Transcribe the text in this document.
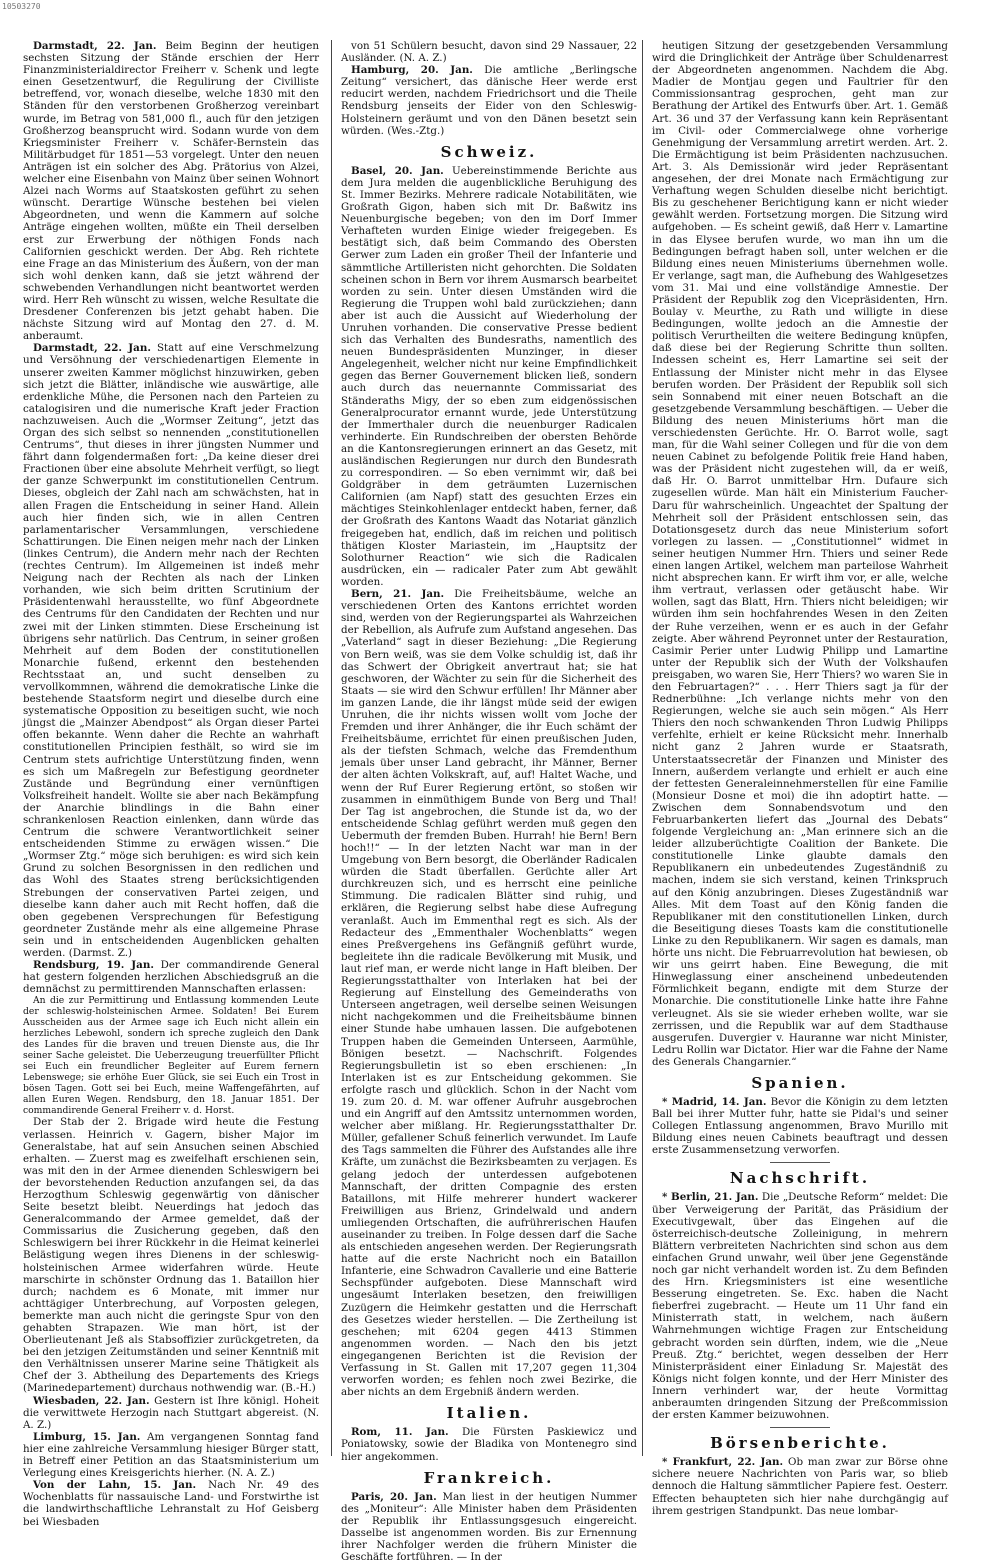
10503270

Darmstadt, 22. Jan. Beim Beginn der heutigen sechsten Sitzung der Stände erschien der Herr Finanzministerialdirector Freiherr v. Schenk und legte einen Gesetzentwurf, die Regulirung der Civilliste betreffend, vor, wonach dieselbe, welche 1830 mit den Ständen für den verstorbenen Großherzog vereinbart wurde, im Betrag von 581,000 fl., auch für den jetzigen Großherzog beansprucht wird. Sodann wurde von dem Kriegsminister Freiherr v. Schäfer-Bernstein das Militärbudget für 1851—53 vorgelegt. Unter den neuen Anträgen ist ein solcher des Abg. Prätorius von Alzei, welcher eine Eisenbahn von Mainz über seinen Wohnort Alzei nach Worms auf Staatskosten geführt zu sehen wünscht. Derartige Wünsche bestehen bei vielen Abgeordneten, und wenn die Kammern auf solche Anträge eingehen wollten, müßte ein Theil derselben erst zur Erwerbung der nöthigen Fonds nach Californien geschickt werden. Der Abg. Reh richtete eine Frage an das Ministerium des Äußern, von der man sich wohl denken kann, daß sie jetzt während der schwebenden Verhandlungen nicht beantwortet werden wird. Herr Reh wünscht zu wissen, welche Resultate die Dresdener Conferenzen bis jetzt gehabt haben. Die nächste Sitzung wird auf Montag den 27. d. M. anberaumt.

Darmstadt, 22. Jan. Statt auf eine Verschmelzung und Versöhnung der verschiedenartigen Elemente in unserer zweiten Kammer möglichst hinzuwirken, geben sich jetzt die Blätter, inländische wie auswärtige, alle erdenkliche Mühe, die Personen nach den Parteien zu catalogisiren und die numerische Kraft jeder Fraction nachzuweisen. Auch die „Wormser Zeitung“, jetzt das Organ des sich selbst so nennenden „constitutionellen Centrums“, thut dieses in ihrer jüngsten Nummer und fährt dann folgendermaßen fort: „Da keine dieser drei Fractionen über eine absolute Mehrheit verfügt, so liegt der ganze Schwerpunkt im constitutionellen Centrum. Dieses, obgleich der Zahl nach am schwächsten, hat in allen Fragen die Entscheidung in seiner Hand. Allein auch hier finden sich, wie in allen Centren parlamentarischer Versammlungen, verschiedene Schattirungen. Die Einen neigen mehr nach der Linken (linkes Centrum), die Andern mehr nach der Rechten (rechtes Centrum). Im Allgemeinen ist indeß mehr Neigung nach der Rechten als nach der Linken vorhanden, wie sich beim dritten Scrutinium der Präsidentenwahl herausstellte, wo fünf Abgeordnete des Centrums für den Candidaten der Rechten und nur zwei mit der Linken stimmten. Diese Erscheinung ist übrigens sehr natürlich. Das Centrum, in seiner großen Mehrheit auf dem Boden der constitutionellen Monarchie fußend, erkennt den bestehenden Rechtsstaat an, und sucht denselben zu vervollkommnen, während die demokratische Linke die bestehende Staatsform negirt und dieselbe durch eine systematische Opposition zu beseitigen sucht, wie noch jüngst die „Mainzer Abendpost“ als Organ dieser Partei offen bekannte. Wenn daher die Rechte an wahrhaft constitutionellen Principien festhält, so wird sie im Centrum stets aufrichtige Unterstützung finden, wenn es sich um Maßregeln zur Befestigung geordneter Zustände und Begründung einer vernünftigen Volksfreiheit handelt. Wollte sie aber nach Bekämpfung der Anarchie blindlings in die Bahn einer schrankenlosen Reaction einlenken, dann würde das Centrum die schwere Verantwortlichkeit seiner entscheidenden Stimme zu erwägen wissen.“ Die „Wormser Ztg.“ möge sich beruhigen: es wird sich kein Grund zu solchen Besorgnissen in den redlichen und das Wohl des Staates streng berücksichtigenden Strebungen der conservativen Partei zeigen, und dieselbe kann daher auch mit Recht hoffen, daß die oben gegebenen Versprechungen für Befestigung geordneter Zustände mehr als eine allgemeine Phrase sein und in entscheidenden Augenblicken gehalten werden. (Darmst. Z.)

Rendsburg, 19. Jan. Der commandirende General hat gestern folgenden herzlichen Abschiedsgruß an die demnächst zu permittirenden Mannschaften erlassen:

An die zur Permittirung und Entlassung kommenden Leute der schleswig-holsteinischen Armee. Soldaten! Bei Eurem Ausscheiden aus der Armee sage ich Euch nicht allein ein herzliches Lebewohl, sondern ich spreche zugleich den Dank des Landes für die braven und treuen Dienste aus, die Ihr seiner Sache geleistet. Die Ueberzeugung treuerfüllter Pflicht sei Euch ein freundlicher Begleiter auf Eurem fernern Lebenswege; sie erhöhe Euer Glück, sie sei Euch ein Trost in bösen Tagen. Gott sei bei Euch, meine Waffengefährten, auf allen Euren Wegen. Rendsburg, den 18. Januar 1851. Der commandirende General Freiherr v. d. Horst.

Der Stab der 2. Brigade wird heute die Festung verlassen. Heinrich v. Gagern, bisher Major im Generalstabe, hat auf sein Ansuchen seinen Abschied erhalten. — Zuerst mag es zweifelhaft erschienen sein, was mit den in der Armee dienenden Schleswigern bei der bevorstehenden Reduction anzufangen sei, da das Herzogthum Schleswig gegenwärtig von dänischer Seite besetzt bleibt. Neuerdings hat jedoch das Generalcommando der Armee gemeldet, daß der Commissarius die Zusicherung gegeben, daß den Schleswigern bei ihrer Rückkehr in die Heimat keinerlei Belästigung wegen ihres Dienens in der schleswig-holsteinischen Armee widerfahren würde. Heute marschirte in schönster Ordnung das 1. Bataillon hier durch; nachdem es 6 Monate, mit immer nur achttägiger Unterbrechung, auf Vorposten gelegen, bemerkte man auch nicht die geringste Spur von den gehabten Strapazen. Wie man hört, ist der Oberlieutenant Jeß als Stabsoffizier zurückgetreten, da bei den jetzigen Zeitumständen und seiner Kenntniß mit den Verhältnissen unserer Marine seine Thätigkeit als Chef der 3. Abtheilung des Departements des Kriegs (Marinedepartement) durchaus nothwendig war. (B.-H.)

Wiesbaden, 22. Jan. Gestern ist Ihre königl. Hoheit die verwittwete Herzogin nach Stuttgart abgereist. (N. A. Z.)

Limburg, 15. Jan. Am vergangenen Sonntag fand hier eine zahlreiche Versammlung hiesiger Bürger statt, in Betreff einer Petition an das Staatsministerium um Verlegung eines Kreisgerichts hierher. (N. A. Z.)

Von der Lahn, 15. Jan. Nach Nr. 49 des Wochenblatts für nassauische Land- und Forstwirthe ist die landwirthschaftliche Lehranstalt zu Hof Geisberg bei Wiesbaden

von 51 Schülern besucht, davon sind 29 Nassauer, 22 Ausländer. (N. A. Z.)

Hamburg, 20. Jan. Die amtliche „Berlingsche Zeitung“ versichert, das dänische Heer werde erst reducirt werden, nachdem Friedrichsort und die Theile Rendsburg jenseits der Eider von den Schleswig-Holsteinern geräumt und von den Dänen besetzt sein würden. (Wes.-Ztg.)

Schweiz.

Basel, 20. Jan. Uebereinstimmende Berichte aus dem Jura melden die augenblickliche Beruhigung des St. Immer Bezirks. Mehrere radicale Notabilitäten, wie Großrath Gigon, haben sich mit Dr. Baßwitz ins Neuenburgische begeben; von den im Dorf Immer Verhafteten wurden Einige wieder freigegeben. Es bestätigt sich, daß beim Commando des Obersten Gerwer zum Laden ein großer Theil der Infanterie und sämmtliche Artilleristen nicht gehorchten. Die Soldaten scheinen schon in Bern vor ihrem Ausmarsch bearbeitet worden zu sein. Unter diesen Umständen wird die Regierung die Truppen wohl bald zurückziehen; dann aber ist auch die Aussicht auf Wiederholung der Unruhen vorhanden. Die conservative Presse bedient sich das Verhalten des Bundesraths, namentlich des neuen Bundespräsidenten Munzinger, in dieser Angelegenheit, welcher nicht nur keine Empfindlichkeit gegen das Berner Gouvernement blicken ließ, sondern auch durch das neuernannte Commissariat des Ständeraths Migy, der so eben zum eidgenössischen Generalprocurator ernannt wurde, jede Unterstützung der Immerthaler durch die neuenburger Radicalen verhinderte. Ein Rundschreiben der obersten Behörde an die Kantonsregierungen erinnert an das Gesetz, mit ausländischen Regierungen nur durch den Bundesrath zu correspondiren. — So eben vernimmt wir, daß bei Goldgräber in dem geträumten Luzernischen Californien (am Napf) statt des gesuchten Erzes ein mächtiges Steinkohlenlager entdeckt haben, ferner, daß der Großrath des Kantons Waadt das Notariat gänzlich freigegeben hat, endlich, daß im reichen und politisch thätigen Kloster Mariastein, im „Hauptsitz der Solothurner Reaction“ wie sich die Radicalen ausdrücken, ein — radicaler Pater zum Abt gewählt worden.

Bern, 21. Jan. Die Freiheitsbäume, welche an verschiedenen Orten des Kantons errichtet worden sind, werden von der Regierungspartei als Wahrzeichen der Rebellion, als Aufrufe zum Aufstand angesehen. Das „Vaterland“ sagt in dieser Beziehung: „Die Regierung von Bern weiß, was sie dem Volke schuldig ist, daß ihr das Schwert der Obrigkeit anvertraut hat; sie hat geschworen, der Wächter zu sein für die Sicherheit des Staats — sie wird den Schwur erfüllen! Ihr Männer aber im ganzen Lande, die ihr längst müde seid der ewigen Unruhen, die ihr nichts wissen wollt vom Joche der Fremden und ihrer Anhänger, die ihr Euch schämt der Freiheitsbäume, errichtet für einen preußischen Juden, als der tiefsten Schmach, welche das Fremdenthum jemals über unser Land gebracht, ihr Männer, Berner der alten ächten Volkskraft, auf, auf! Haltet Wache, und wenn der Ruf Eurer Regierung ertönt, so stoßen wir zusammen in einmüthigem Bunde von Berg und Thal! Der Tag ist angebrochen, die Stunde ist da, wo der entscheidende Schlag geführt werden muß gegen den Uebermuth der fremden Buben. Hurrah! hie Bern! Bern hoch!!“ — In der letzten Nacht war man in der Umgebung von Bern besorgt, die Oberländer Radicalen würden die Stadt überfallen. Gerüchte aller Art durchkreuzen sich, und es herrscht eine peinliche Stimmung. Die radicalen Blätter sind ruhig, und erklären, die Regierung selbst habe diese Aufregung veranlaßt. Auch im Emmenthal regt es sich. Als der Redacteur des „Emmenthaler Wochenblatts“ wegen eines Preßvergehens ins Gefängniß geführt wurde, begleitete ihn die radicale Bevölkerung mit Musik, und laut rief man, er werde nicht lange in Haft bleiben. Der Regierungsstatthalter von Interlaken hat bei der Regierung auf Einstellung des Gemeinderaths von Unterseen angetragen, weil derselbe seinen Weisungen nicht nachgekommen und die Freiheitsbäume binnen einer Stunde habe umhauen lassen. Die aufgebotenen Truppen haben die Gemeinden Unterseen, Aarmühle, Bönigen besetzt. — Nachschrift. Folgendes Regierungsbulletin ist so eben erschienen: „In Interlaken ist es zur Entscheidung gekommen. Sie erfolgte rasch und glücklich. Schon in der Nacht vom 19. zum 20. d. M. war offener Aufruhr ausgebrochen und ein Angriff auf den Amtssitz unternommen worden, welcher aber mißlang. Hr. Regierungsstatthalter Dr. Müller, gefallener Schuß feinerlich verwundet. Im Laufe des Tags sammelten die Führer des Aufstandes alle ihre Kräfte, um zunächst die Bezirksbeamten zu verjagen. Es gelang jedoch der unterdessen aufgebotenen Mannschaft, der dritten Compagnie des ersten Bataillons, mit Hilfe mehrerer hundert wackerer Freiwilligen aus Brienz, Grindelwald und andern umliegenden Ortschaften, die aufrührerischen Haufen auseinander zu treiben. In Folge dessen darf die Sache als entschieden angesehen werden. Der Regierungsrath hatte auf die erste Nachricht noch ein Bataillon Infanterie, eine Schwadron Cavallerie und eine Batterie Sechspfünder aufgeboten. Diese Mannschaft wird ungesäumt Interlaken besetzen, den freiwilligen Zuzügern die Heimkehr gestatten und die Herrschaft des Gesetzes wieder herstellen. — Die Zertheilung ist geschehen; mit 6204 gegen 4413 Stimmen angenommen worden. — Nach den bis jetzt eingegangenen Berichten ist die Revision der Verfassung in St. Gallen mit 17,207 gegen 11,304 verworfen worden; es fehlen noch zwei Bezirke, die aber nichts an dem Ergebniß ändern werden.

Italien.

Rom, 11. Jan. Die Fürsten Paskiewicz und Poniatowsky, sowie der Bladika von Montenegro sind hier angekommen.

Frankreich.

Paris, 20. Jan. Man liest in der heutigen Nummer des „Moniteur“: Alle Minister haben dem Präsidenten der Republik ihr Entlassungsgesuch eingereicht. Dasselbe ist angenommen worden. Bis zur Ernennung ihrer Nachfolger werden die frühern Minister die Geschäfte fortführen. — In der

heutigen Sitzung der gesetzgebenden Versammlung wird die Dringlichkeit der Anträge über Schuldenarrest der Abgeordneten angenommen. Nachdem die Abg. Madier de Montjau gegen und Faultrier für den Commissionsantrag gesprochen, geht man zur Berathung der Artikel des Entwurfs über. Art. 1. Gemäß Art. 36 und 37 der Verfassung kann kein Repräsentant im Civil- oder Commercialwege ohne vorherige Genehmigung der Versammlung arretirt werden. Art. 2. Die Ermächtigung ist beim Präsidenten nachzusuchen. Art. 3. Als Demissionär wird jeder Repräsentant angesehen, der drei Monate nach Ermächtigung zur Verhaftung wegen Schulden dieselbe nicht berichtigt. Bis zu geschehener Berichtigung kann er nicht wieder gewählt werden. Fortsetzung morgen. Die Sitzung wird aufgehoben. — Es scheint gewiß, daß Herr v. Lamartine in das Elysee berufen wurde, wo man ihn um die Bedingungen befragt haben soll, unter welchen er die Bildung eines neuen Ministeriums übernehmen wolle. Er verlange, sagt man, die Aufhebung des Wahlgesetzes vom 31. Mai und eine vollständige Amnestie. Der Präsident der Republik zog den Vicepräsidenten, Hrn. Boulay v. Meurthe, zu Rath und willigte in diese Bedingungen, wollte jedoch an die Amnestie der politisch Verurtheilten die weitere Bedingung knüpfen, daß diese bei der Regierung Schritte thun sollten. Indessen scheint es, Herr Lamartine sei seit der Entlassung der Minister nicht mehr in das Elysee berufen worden. Der Präsident der Republik soll sich sein Sonnabend mit einer neuen Botschaft an die gesetzgebende Versammlung beschäftigen. — Ueber die Bildung des neuen Ministeriums hört man die verschiedensten Gerüchte. Hr. O. Barrot wolle, sagt man, für die Wahl seiner Collegen und für die von dem neuen Cabinet zu befolgende Politik freie Hand haben, was der Präsident nicht zugestehen will, da er weiß, daß Hr. O. Barrot unmittelbar Hrn. Dufaure sich zugesellen würde. Man hält ein Ministerium Faucher-Daru für wahrscheinlich. Ungeachtet der Spaltung der Mehrheit soll der Präsident entschlossen sein, das Dotationsgesetz durch das neue Ministerium sofort vorlegen zu lassen. — „Constitutionnel“ widmet in seiner heutigen Nummer Hrn. Thiers und seiner Rede einen langen Artikel, welchem man parteilose Wahrheit nicht absprechen kann. Er wirft ihm vor, er alle, welche ihm vertraut, verlassen oder getäuscht habe. Wir wollen, sagt das Blatt, Hrn. Thiers nicht beleidigen; wir würden ihm sein hochfahrendes Wesen in den Zeiten der Ruhe verzeihen, wenn er es auch in der Gefahr zeigte. Aber während Peyronnet unter der Restauration, Casimir Perier unter Ludwig Philipp und Lamartine unter der Republik sich der Wuth der Volkshaufen preisgaben, wo waren Sie, Herr Thiers? wo waren Sie in den Februartagen?“ . . . Herr Thiers sagt ja für der Rednerbühne: „Ich verlange nichts mehr von den Regierungen, welche sie auch sein mögen.“ Als Herr Thiers den noch schwankenden Thron Ludwig Philipps verfehlte, erhielt er keine Rücksicht mehr. Innerhalb nicht ganz 2 Jahren wurde er Staatsrath, Unterstaatssecretär der Finanzen und Minister des Innern, außerdem verlangte und erhielt er auch eine der fettesten Generaleinnehmerstellen für eine Familie (Monsieur Dosne et moi) die ihn adoptirt hatte. — Zwischen dem Sonnabendsvotum und den Februarbankerten liefert das „Journal des Debats“ folgende Vergleichung an: „Man erinnere sich an die leider allzuberüchtigte Coalition der Bankete. Die constitutionelle Linke glaubte damals den Republikanern ein unbedeutendes Zugeständniß zu machen, indem sie sich verstand, keinen Trinkspruch auf den König anzubringen. Dieses Zugeständniß war Alles. Mit dem Toast auf den König fanden die Republikaner mit den constitutionellen Linken, durch die Beseitigung dieses Toasts kam die constitutionelle Linke zu den Republikanern. Wir sagen es damals, man hörte uns nicht. Die Februarrevolution hat bewiesen, ob wir uns geirrt haben. Eine Bewegung, die mit Hinweglassung einer anscheinend unbedeutenden Förmlichkeit begann, endigte mit dem Sturze der Monarchie. Die constitutionelle Linke hatte ihre Fahne verleugnet. Als sie sie wieder erheben wollte, war sie zerrissen, und die Republik war auf dem Stadthause ausgerufen. Duvergier v. Hauranne war nicht Minister, Ledru Rollin war Dictator. Hier war die Fahne der Name des Generals Changarnier.“

Spanien.

* Madrid, 14. Jan. Bevor die Königin zu dem letzten Ball bei ihrer Mutter fuhr, hatte sie Pidal's und seiner Collegen Entlassung angenommen, Bravo Murillo mit Bildung eines neuen Cabinets beauftragt und dessen erste Zusammensetzung verworfen.

Nachschrift.

* Berlin, 21. Jan. Die „Deutsche Reform“ meldet: Die über Verweigerung der Parität, das Präsidium der Executivgewalt, über das Eingehen auf die österreichisch-deutsche Zolleinigung, in mehrern Blättern verbreiteten Nachrichten sind schon aus dem einfachen Grund unwahr, weil über jene Gegenstände noch gar nicht verhandelt worden ist. Zu dem Befinden des Hrn. Kriegsministers ist eine wesentliche Besserung eingetreten. Se. Exc. haben die Nacht fieberfrei zugebracht. — Heute um 11 Uhr fand ein Ministerrath statt, in welchem, nach äußern Wahrnehmungen wichtige Fragen zur Entscheidung gebracht worden sein dürften, indem, wie die „Neue Preuß. Ztg.“ berichtet, wegen desselben der Herr Ministerpräsident einer Einladung Sr. Majestät des Königs nicht folgen konnte, und der Herr Minister des Innern verhindert war, der heute Vormittag anberaumten dringenden Sitzung der Preßcommission der ersten Kammer beizuwohnen.

Börsenberichte.

* Frankfurt, 22. Jan. Ob man zwar zur Börse ohne sichere neuere Nachrichten von Paris war, so blieb dennoch die Haltung sämmtlicher Papiere fest. Oesterr. Effecten behaupteten sich hier nahe durchgängig auf ihrem gestrigen Standpunkt. Das neue lombar-
